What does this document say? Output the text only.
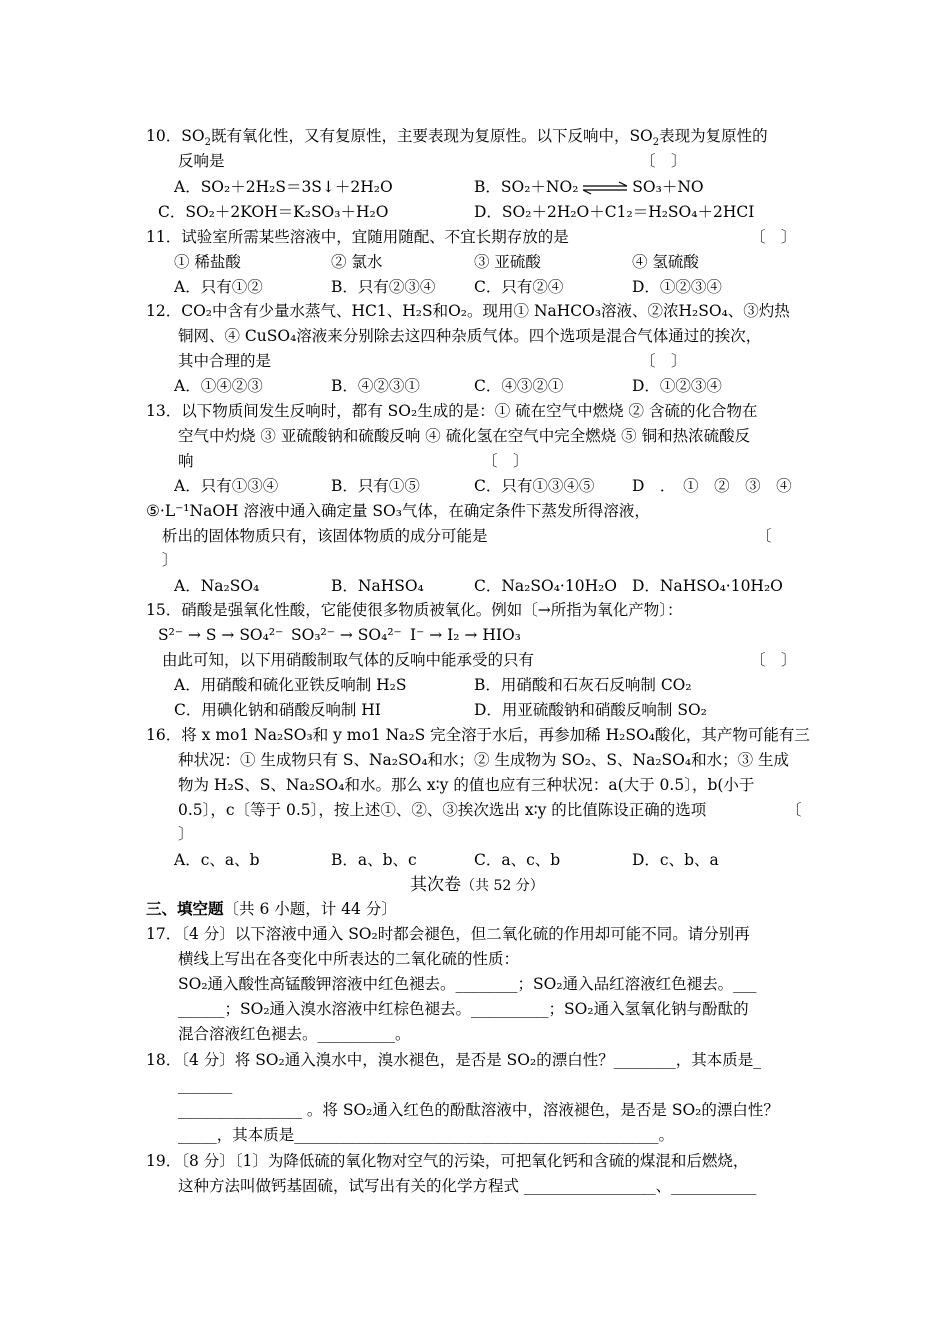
10．$SO_2$既有氧化性，又有复原性，主要表现为复原性。以下反响中，$SO_2$表现为复原性的
反响是	〔　〕
A．SO₂＋2H₂S＝3S↓＋2H₂O	B．SO₂＋NO₂ ⇌ SO₃＋NO
C．SO₂＋2KOH＝K₂SO₃＋H₂O	D．SO₂＋2H₂O＋C1₂＝H₂SO₄＋2HCI
11．试验室所需某些溶液中，宜随用随配、不宜长期存放的是	〔　〕
① 稀盐酸	② 氯水	③ 亚硫酸	④ 氢硫酸
A．只有①②	B．只有②③④ C．只有②④	D．①②③④
12．CO₂中含有少量水蒸气、HC1、H₂S和O₂。现用① NaHCO₃溶液、②浓H₂SO₄、③灼热
铜网、④ CuSO₄溶液来分别除去这四种杂质气体。四个选项是混合气体通过的挨次，
其中合理的是	〔　〕
A．①④②③	B．④②③①	C．④③②①	D．①②③④
13．以下物质间发生反响时，都有 SO₂生成的是：① 硫在空气中燃烧 ② 含硫的化合物在
空气中灼烧 ③ 亚硫酸钠和硫酸反响 ④ 硫化氢在空气中完全燃烧 ⑤ 铜和热浓硫酸反
响	〔　〕
A．只有①③④	B．只有①⑤	C．只有①③④⑤ D　．　①　②　③　④
⑤·L⁻¹NaOH 溶液中通入确定量 SO₃气体，在确定条件下蒸发所得溶液，
析出的固体物质只有，该固体物质的成分可能是	〔
〕
A．Na₂SO₄	B．NaHSO₄	C．Na₂SO₄·10H₂O D．NaHSO₄·10H₂O
15．硝酸是强氧化性酸，它能使很多物质被氧化。例如〔→所指为氧化产物〕：
S²⁻ → S → SO₄²⁻ SO₃²⁻ → SO₄²⁻ I⁻ → I₂ → HIO₃
由此可知，以下用硝酸制取气体的反响中能承受的只有	〔　〕
A．用硝酸和硫化亚铁反响制 H₂S	B．用硝酸和石灰石反响制 CO₂
C．用碘化钠和硝酸反响制 HI	D．用亚硫酸钠和硝酸反响制 SO₂
16．将 x mo1 Na₂SO₃和 y mo1 Na₂S 完全溶于水后，再参加稀 H₂SO₄酸化，其产物可能有三
种状况：① 生成物只有 S、Na₂SO₄和水；② 生成物为 SO₂、S、Na₂SO₄和水；③ 生成
物为 H₂S、S、Na₂SO₄和水。那么 x∶y 的值也应有三种状况：a(大于 0.5〕，b(小于
0.5〕，c〔等于 0.5〕，按上述①、②、③挨次选出 x∶y 的比值陈设正确的选项	〔
〕
A．c、a、b	B．a、b、c	C．a、c、b	D．c、b、a
其次卷（共 52 分）
三、填空题〔共 6 小题，计 44 分〕
17．〔4 分〕以下溶液中通入 SO₂时都会褪色，但二氧化硫的作用却可能不同。请分别再
横线上写出在各变化中所表达的二氧化硫的性质：
SO₂通入酸性高锰酸钾溶液中红色褪去。________；SO₂通入品红溶液红色褪去。___
______；SO₂通入溴水溶液中红棕色褪去。__________；SO₂通入氢氧化钠与酚酞的
混合溶液红色褪去。__________。
18．〔4 分〕将 SO₂通入溴水中，溴水褪色，是否是 SO₂的漂白性？________，其本质是_
_______
________________ 。将 SO₂通入红色的酚酞溶液中，溶液褪色，是否是 SO₂的漂白性？
_____，其本质是_______________________________________________。
19．〔8 分〕〔1〕为降低硫的氧化物对空气的污染，可把氧化钙和含硫的煤混和后燃烧，
这种方法叫做钙基固硫，试写出有关的化学方程式 _________________、___________
